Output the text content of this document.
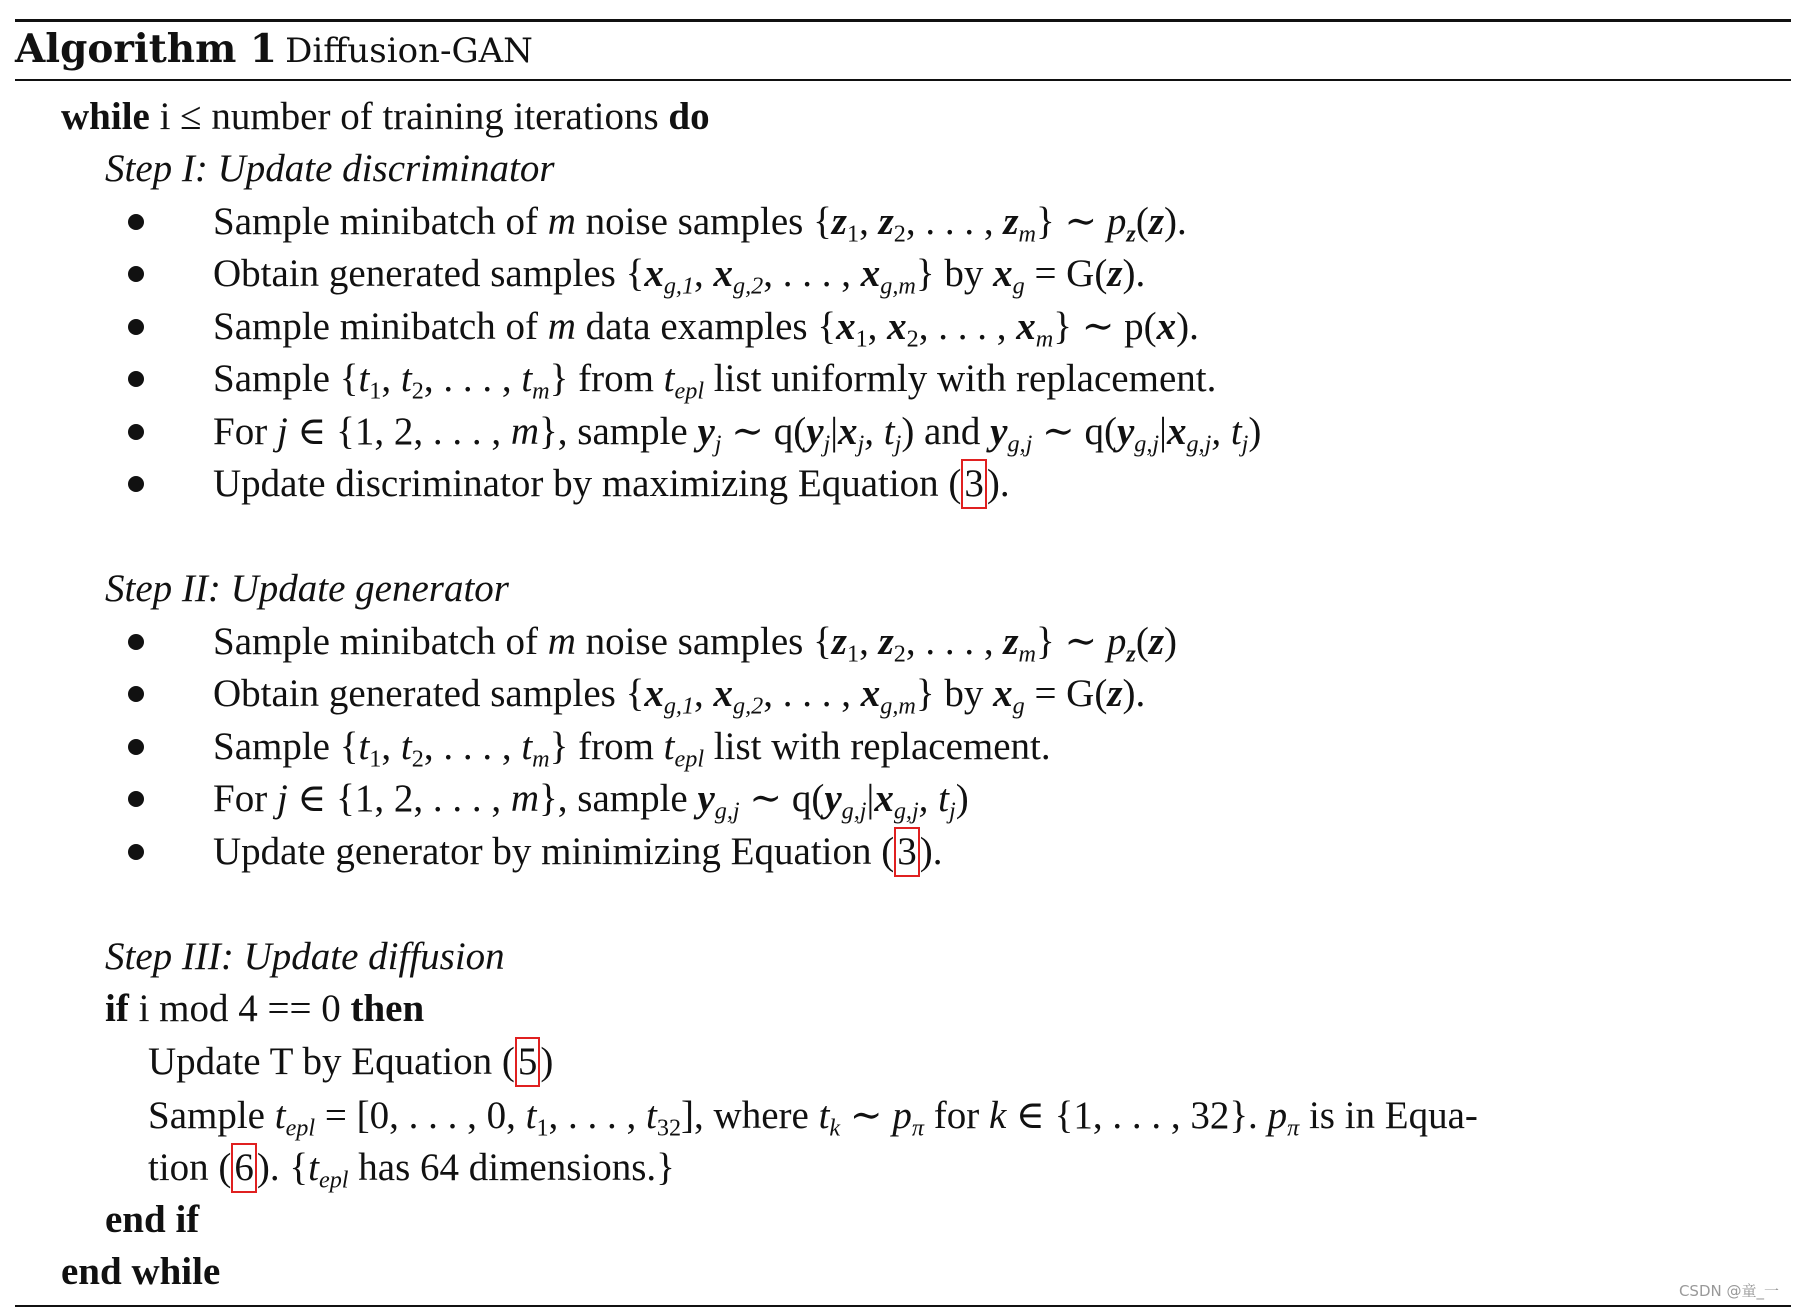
Algorithm 1 Diffusion-GAN
while i ≤ number of training iterations do
Step I: Update discriminator
Sample minibatch of m noise samples {$z_1$, $z_2$, . . . , $z_m$} ∼ $p_z(z)$.
Obtain generated samples {$x_{g,1}$, $x_{g,2}$, . . . , $x_{g,m}$} by $x_g = G(z)$.
Sample minibatch of m data examples {$x_1$, $x_2$, . . . , $x_m$} ∼ p(x).
Sample {$t_1$, $t_2$, . . . , $t_m$} from $t_{epl}$ list uniformly with replacement.
For j ∈ {1, 2, . . . , m}, sample $y_j$ ∼ $q(y_j|x_j$, $t_j$) and $y_{g,j}$ ∼ $q(y_{g,j}|x_{g,j}$, $t_j$)
Update discriminator by maximizing Equation (3).
Step II: Update generator
Sample minibatch of m noise samples {$z_1$, $z_2$, . . . , $z_m$} ∼ $p_z(z)$
Obtain generated samples {$x_{g,1}$, $x_{g,2}$, . . . , $x_{g,m}$} by $x_g = G(z)$.
Sample {$t_1$, $t_2$, . . . , $t_m$} from $t_{epl}$ list with replacement.
For j ∈ {1, 2, . . . , m}, sample $y_{g,j}$ ∼ $q(y_{g,j}|x_{g,j}$, $t_j$)
Update generator by minimizing Equation (3).
Step III: Update diffusion
if i mod 4 == 0 then
Update T by Equation (5)
Sample $t_{epl} = [0$, . . . , 0, $t_1$, . . . , $t_{32}$], where $t_k$ ∼ $p_\pi$ for k ∈ {1, . . . , 32}. $p_\pi$ is in Equa-
tion (6). {$t_{epl}$ has 64 dimensions.}
end if
end while	CSDN @童_一
